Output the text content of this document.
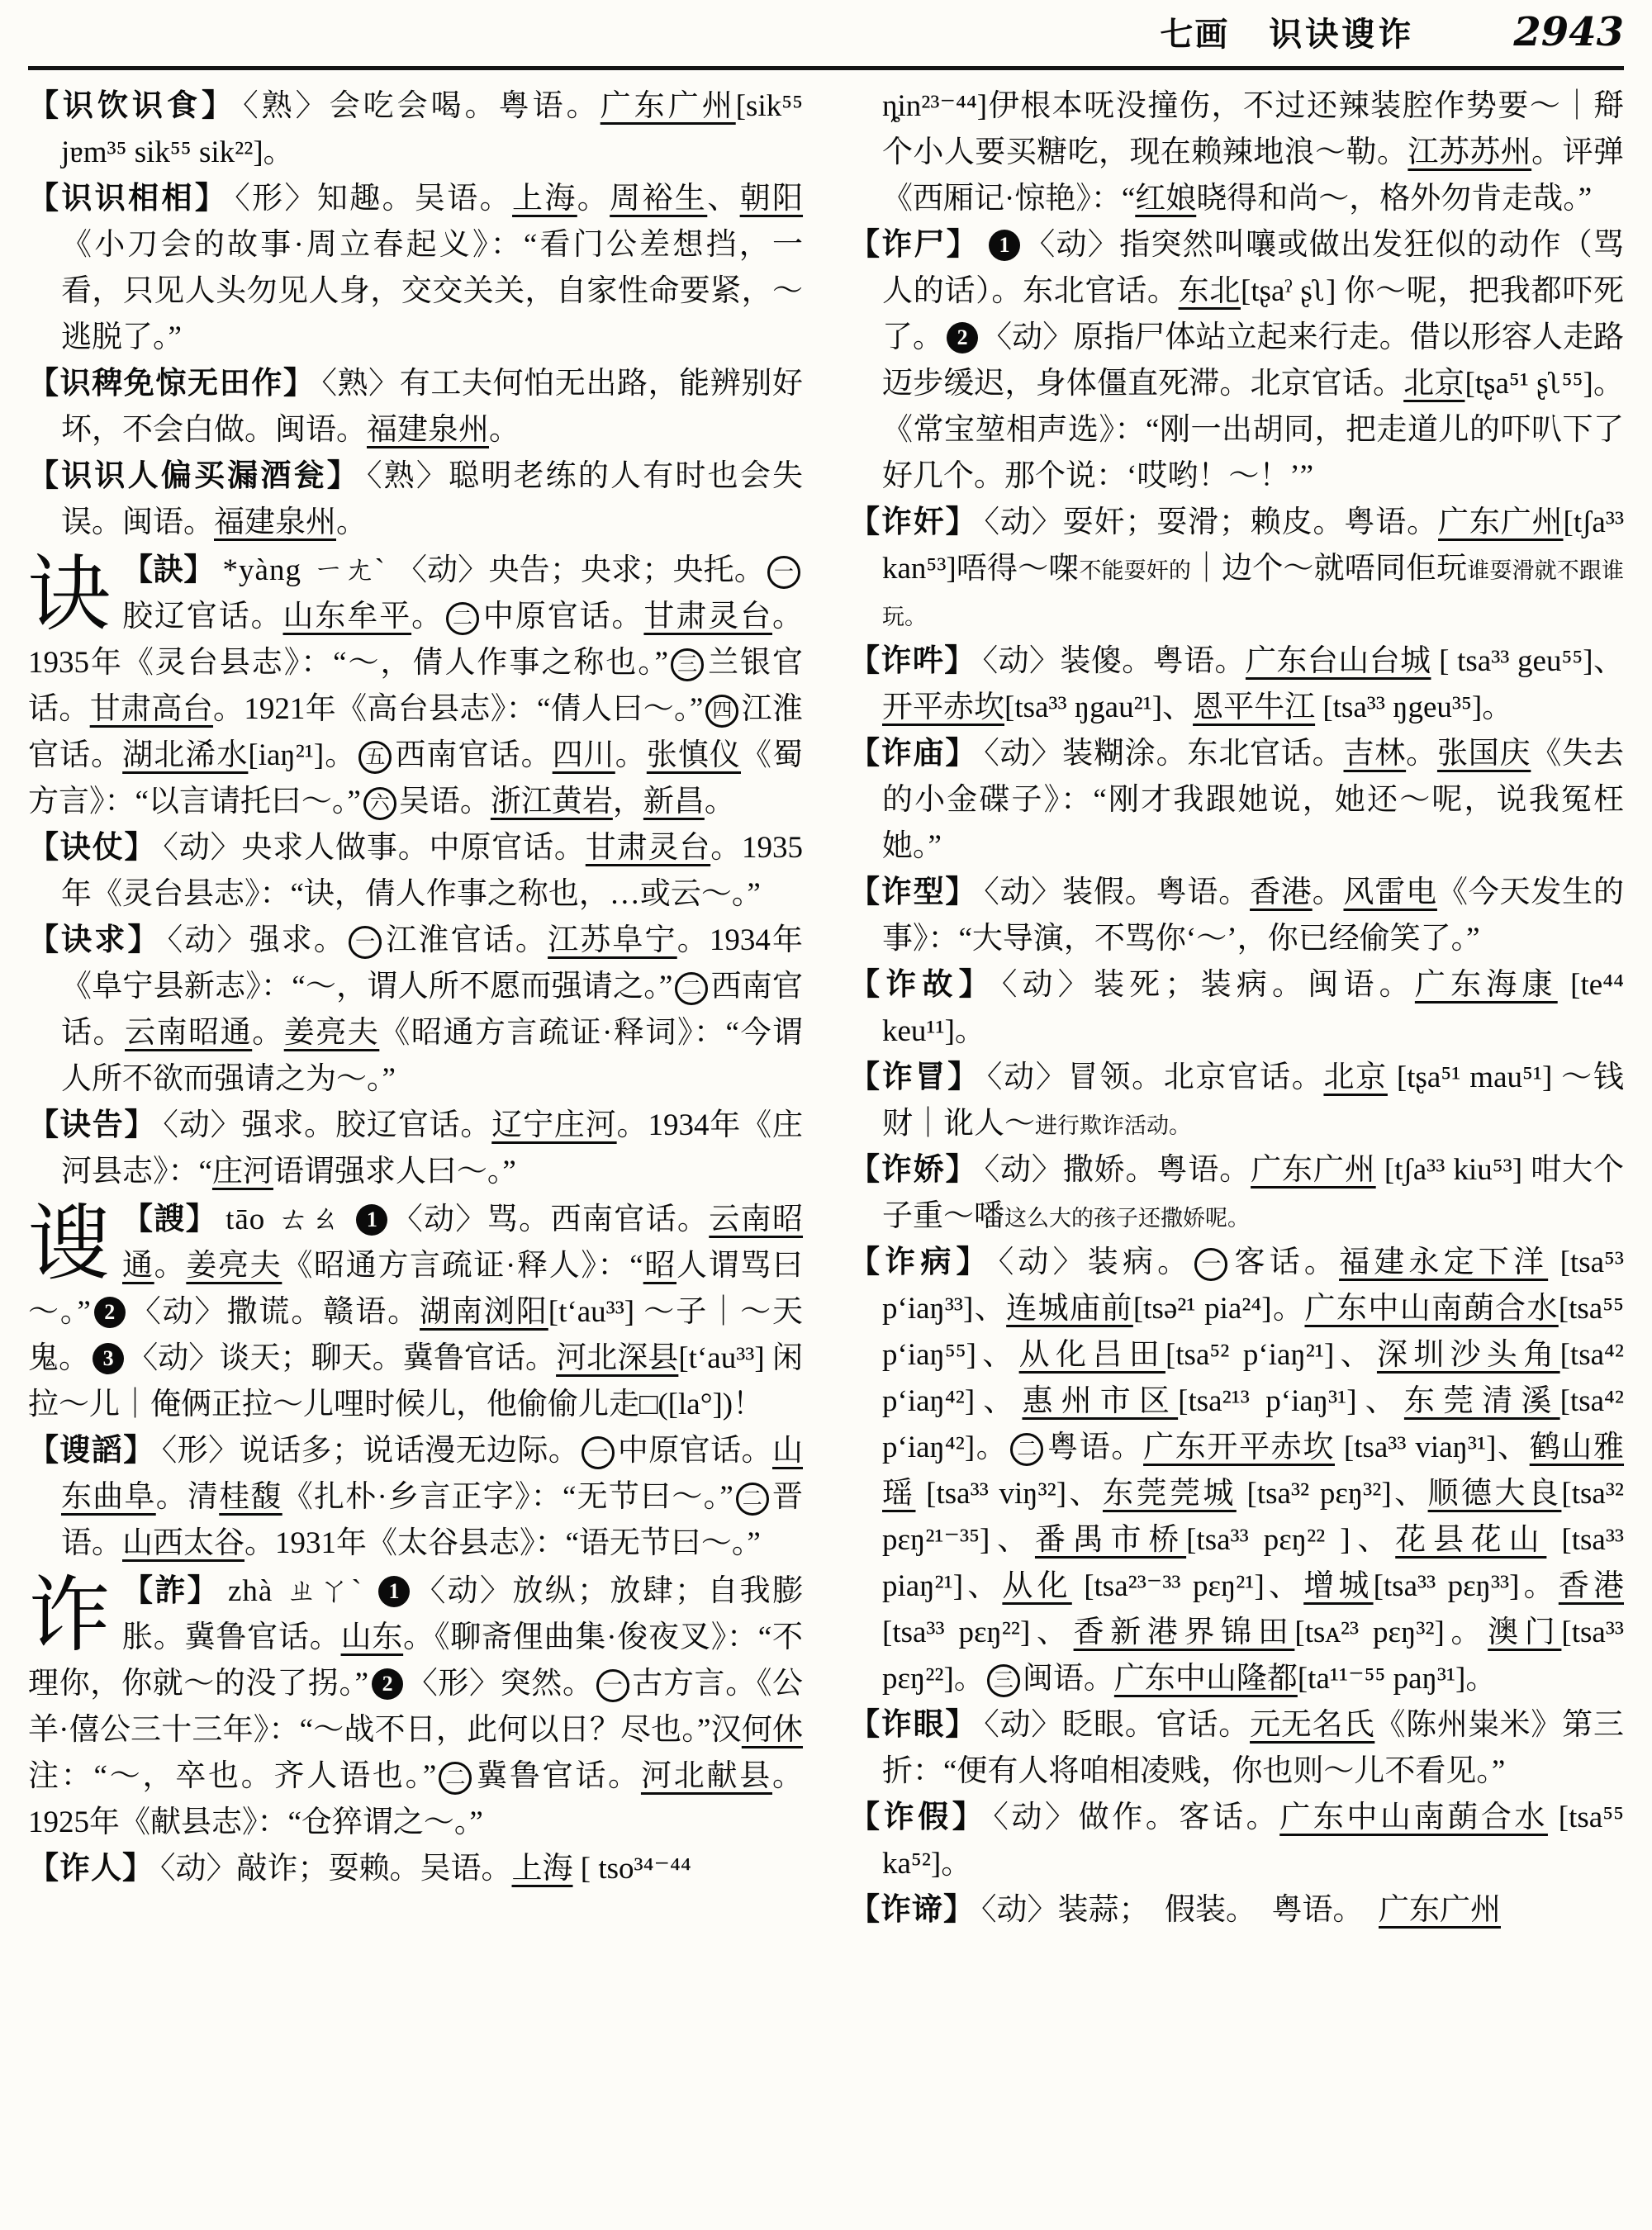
七画 识诀𫍲诈	2943

【识饮识食】 〈熟〉会吃会喝。粤语。广东广州[sik⁵⁵ jɐm³⁵ sik⁵⁵ sik²²]。

【识识相相】 〈形〉知趣。吴语。上海。周裕生、朝阳《小刀会的故事·周立春起义》：“看门公差想挡，一看，只见人头勿见人身，交交关关，自家性命要紧，～逃脱了。”

【识稗免惊无田作】 〈熟〉有工夫何怕无出路，能辨别好坏，不会白做。闽语。福建泉州。

【识识人偏买漏酒瓮】 〈熟〉聪明老练的人有时也会失误。闽语。福建泉州。

诀 【訣】 *yàng ㄧㄤˋ 〈动〉央告；央求；央托。 一胶辽官话。山东牟平。 二 中原官话。甘肃灵台。1935年《灵台县志》：“～，倩人作事之称也。” 三 兰银官话。甘肃高台。1921年《高台县志》：“倩人曰～。” 四 江淮官话。湖北浠水[iaŋ²¹]。 五 西南官话。四川。张慎仪《蜀方言》：“以言请托曰～。” 六 吴语。浙江黄岩，新昌。

【诀仗】 〈动〉央求人做事。中原官话。甘肃灵台。1935年《灵台县志》：“诀，倩人作事之称也，…或云～。”

【诀求】 〈动〉强求。 一 江淮官话。江苏阜宁。1934年《阜宁县新志》：“～，谓人所不愿而强请之。” 二 西南官话。云南昭通。姜亮夫《昭通方言疏证·释词》：“今谓人所不欲而强请之为～。”

【诀告】 〈动〉强求。胶辽官话。辽宁庄河。1934年《庄河县志》：“庄河语谓强求人曰～。”

𫍲 【謏】 tāo ㄊㄠ 1 〈动〉骂。西南官话。云南昭通。姜亮夫《昭通方言疏证·释人》：“昭人谓骂曰～。” 2 〈动〉撒谎。赣语。湖南浏阳[t‘au³³] ～子｜～天鬼。 3 〈动〉谈天；聊天。冀鲁官话。河北深县[t‘au³³] 闲拉～儿｜俺俩正拉～儿哩时候儿，他偷偷儿走□([la°])！

【𫍲謟】 〈形〉说话多；说话漫无边际。 一 中原官话。山东曲阜。清桂馥《扎朴·乡言正字》：“无节曰～。” 二 晋语。山西太谷。1931年《太谷县志》：“语无节曰～。”

诈 【詐】 zhà ㄓㄚˋ 1 〈动〉放纵；放肆；自我膨胀。冀鲁官话。山东。《聊斋俚曲集·俊夜叉》：“不理你，你就～的没了拐。” 2 〈形〉突然。 一 古方言。《公羊·僖公三十三年》：“～战不日，此何以日？尽也。”汉何休注：“～，卒也。齐人语也。” 二 冀鲁官话。河北献县。1925年《献县志》：“仓猝谓之～。”

【诈人】 〈动〉敲诈；耍赖。吴语。上海 [ tso³⁴⁻⁴⁴

ȵin²³⁻⁴⁴]伊根本呒没撞伤，不过还辣装腔作势要～｜搿个小人要买糖吃，现在赖辣地浪～勒。江苏苏州。评弹《西厢记·惊艳》：“红娘晓得和尚～，格外勿肯走哉。”

【诈尸】 1 〈动〉指突然叫嚷或做出发狂似的动作（骂人的话）。东北官话。东北[tʂaˀ ʂʅ] 你～呢，把我都吓死了。 2 〈动〉原指尸体站立起来行走。借以形容人走路迈步缓迟，身体僵直死滞。北京官话。北京[tʂa⁵¹ ʂʅ⁵⁵]。《常宝堃相声选》：“刚一出胡同，把走道儿的吓叭下了好几个。那个说：‘哎哟！～！’”

【诈奸】 〈动〉耍奸；耍滑；赖皮。粤语。广东广州[tʃa³³ kan⁵³]唔得～㗎不能耍奸的｜边个～就唔同佢玩谁耍滑就不跟谁玩。

【诈吽】 〈动〉装傻。粤语。广东台山台城 [ tsa³³ geu⁵⁵]、开平赤坎[tsa³³ ŋgau²¹]、恩平牛江 [tsa³³ ŋgeu³⁵]。

【诈庙】 〈动〉装糊涂。东北官话。吉林。张国庆《失去的小金碟子》：“刚才我跟她说，她还～呢，说我冤枉她。”

【诈型】 〈动〉装假。粤语。香港。风雷电《今天发生的事》：“大导演，不骂你‘～’，你已经偷笑了。”

【诈故】 〈动〉装死；装病。闽语。广东海康 [te⁴⁴ keu¹¹]。

【诈冒】 〈动〉冒领。北京官话。北京 [tʂa⁵¹ mau⁵¹] ～钱财｜讹人～进行欺诈活动。

【诈娇】 〈动〉撒娇。粤语。广东广州 [tʃa³³ kiu⁵³] 咁大个子重～噃这么大的孩子还撒娇呢。

【诈病】 〈动〉装病。 一 客话。福建永定下洋 [tsa⁵³ p‘iaŋ³³]、连城庙前[tsə²¹ pia²⁴]。广东中山南蓢合水[tsa⁵⁵ p‘iaŋ⁵⁵]、从化吕田[tsa⁵² p‘iaŋ²¹]、深圳沙头角[tsa⁴² p‘iaŋ⁴²]、惠州市区[tsa²¹³ p‘iaŋ³¹]、东莞清溪[tsa⁴² p‘iaŋ⁴²]。 二 粤语。广东开平赤坎 [tsa³³ viaŋ³¹]、鹤山雅瑶 [tsa³³ viŋ³²]、东莞莞城 [tsa³² pɛŋ³²]、顺德大良[tsa³² pɛŋ²¹⁻³⁵]、番禺市桥[tsa³³ pɛŋ²² ]、花县花山 [tsa³³ piaŋ²¹]、从化 [tsa²³⁻³³ pɛŋ²¹]、增城[tsa³³ pɛŋ³³]。香港[tsa³³ pɛŋ²²]、香新港界锦田[tsᴀ²³ pɛŋ³²]。澳门[tsa³³ pɛŋ²²]。 三 闽语。广东中山隆都[ta¹¹⁻⁵⁵ paŋ³¹]。

【诈眼】 〈动〉眨眼。官话。元无名氏《陈州粜米》第三折：“便有人将咱相凌贱，你也则～儿不看见。”

【诈假】 〈动〉做作。客话。广东中山南蓢合水 [tsa⁵⁵ ka⁵²]。

【诈谛】 〈动〉装蒜；　假装。　粤语。　广东广州
